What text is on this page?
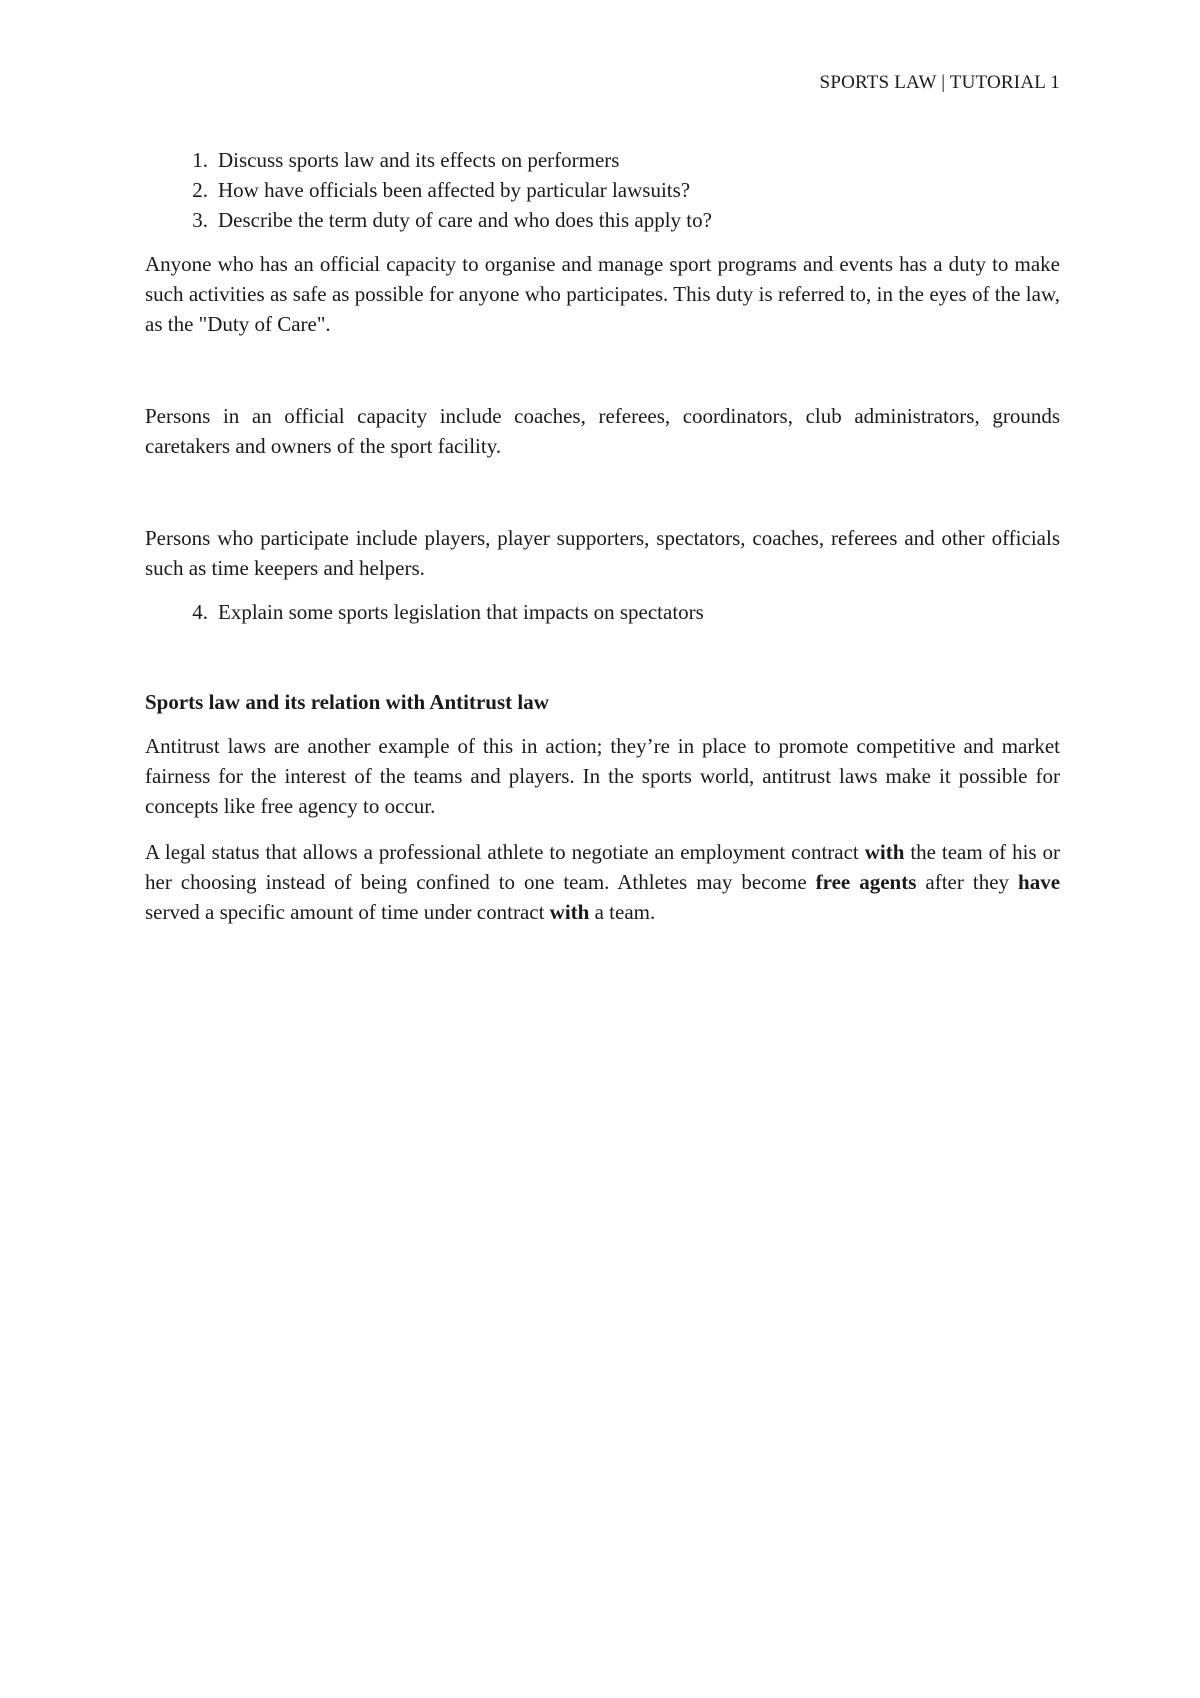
SPORTS LAW | TUTORIAL 1
1. Discuss sports law and its effects on performers
2. How have officials been affected by particular lawsuits?
3. Describe the term duty of care and who does this apply to?

Anyone who has an official capacity to organise and manage sport programs and events has a duty to make such activities as safe as possible for anyone who participates. This duty is referred to, in the eyes of the law, as the "Duty of Care".

Persons in an official capacity include coaches, referees, coordinators, club administrators, grounds caretakers and owners of the sport facility.

Persons who participate include players, player supporters, spectators, coaches, referees and other officials such as time keepers and helpers.

4. Explain some sports legislation that impacts on spectators

Sports law and its relation with Antitrust law

Antitrust laws are another example of this in action; they’re in place to promote competitive and market fairness for the interest of the teams and players. In the sports world, antitrust laws make it possible for concepts like free agency to occur.

A legal status that allows a professional athlete to negotiate an employment contract with the team of his or her choosing instead of being confined to one team. Athletes may become free agents after they have served a specific amount of time under contract with a team.
